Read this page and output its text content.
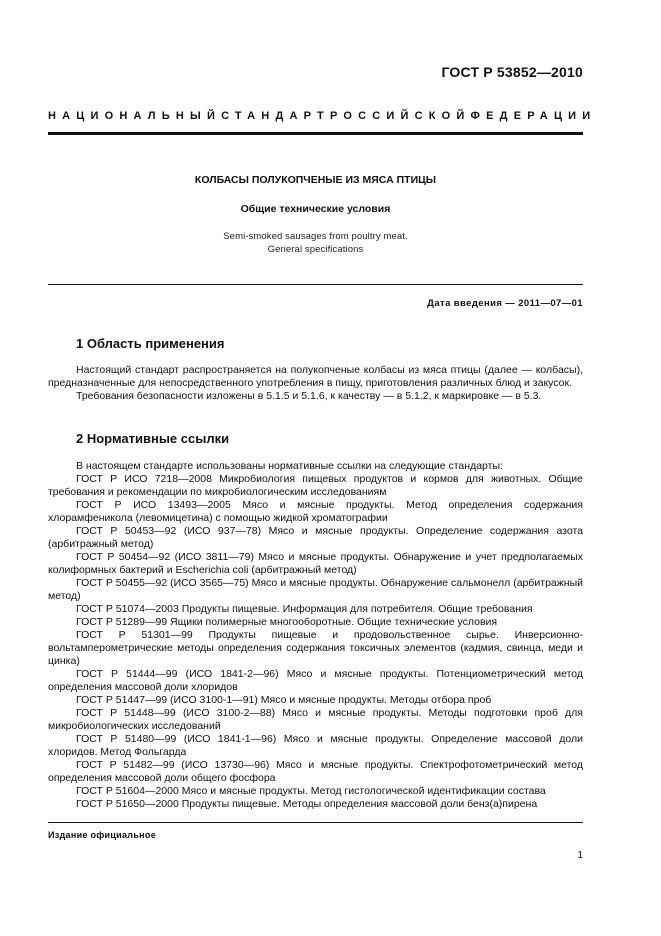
ГОСТ Р 53852—2010
НАЦИОНАЛЬНЫЙ СТАНДАРТ РОССИЙСКОЙ ФЕДЕРАЦИИ
КОЛБАСЫ ПОЛУКОПЧЕНЫЕ ИЗ МЯСА ПТИЦЫ
Общие технические условия
Semi-smoked sausages from poultry meat.
General specifications
Дата введения — 2011—07—01
1 Область применения

Настоящий стандарт распространяется на полукопченые колбасы из мяса птицы (далее — колбасы), предназначенные для непосредственного употребления в пищу, приготовления различных блюд и закусок.

Требования безопасности изложены в 5.1.5 и 5.1.6, к качеству — в 5.1.2, к маркировке — в 5.3.

2 Нормативные ссылки

В настоящем стандарте использованы нормативные ссылки на следующие стандарты:

ГОСТ Р ИСО 7218—2008 Микробиология пищевых продуктов и кормов для животных. Общие требования и рекомендации по микробиологическим исследованиям

ГОСТ Р ИСО 13493—2005 Мясо и мясные продукты. Метод определения содержания хлорамфеникола (левомицетина) с помощью жидкой хроматографии

ГОСТ Р 50453—92 (ИСО 937—78) Мясо и мясные продукты. Определение содержания азота (арбитражный метод)

ГОСТ Р 50454—92 (ИСО 3811—79) Мясо и мясные продукты. Обнаружение и учет предполагаемых колиформных бактерий и Escherichia coli (арбитражный метод)

ГОСТ Р 50455—92 (ИСО 3565—75) Мясо и мясные продукты. Обнаружение сальмонелл (арбитражный метод)

ГОСТ Р 51074—2003 Продукты пищевые. Информация для потребителя. Общие требования

ГОСТ Р 51289—99 Ящики полимерные многооборотные. Общие технические условия

ГОСТ Р 51301—99 Продукты пищевые и продовольственное сырье. Инверсионно-вольтамперометрические методы определения содержания токсичных элементов (кадмия, свинца, меди и цинка)

ГОСТ Р 51444—99 (ИСО 1841-2—96) Мясо и мясные продукты. Потенциометрический метод определения массовой доли хлоридов

ГОСТ Р 51447—99 (ИСО 3100-1—91) Мясо и мясные продукты. Методы отбора проб

ГОСТ Р 51448—99 (ИСО 3100-2—88) Мясо и мясные продукты. Методы подготовки проб для микробиологических исследований

ГОСТ Р 51480—99 (ИСО 1841-1—96) Мясо и мясные продукты. Определение массовой доли хлоридов. Метод Фольгарда

ГОСТ Р 51482—99 (ИСО 13730—96) Мясо и мясные продукты. Спектрофотометрический метод определения массовой доли общего фосфора

ГОСТ Р 51604—2000 Мясо и мясные продукты. Метод гистологической идентификации состава

ГОСТ Р 51650—2000 Продукты пищевые. Методы определения массовой доли бенз(а)пирена

Издание официальное
1
